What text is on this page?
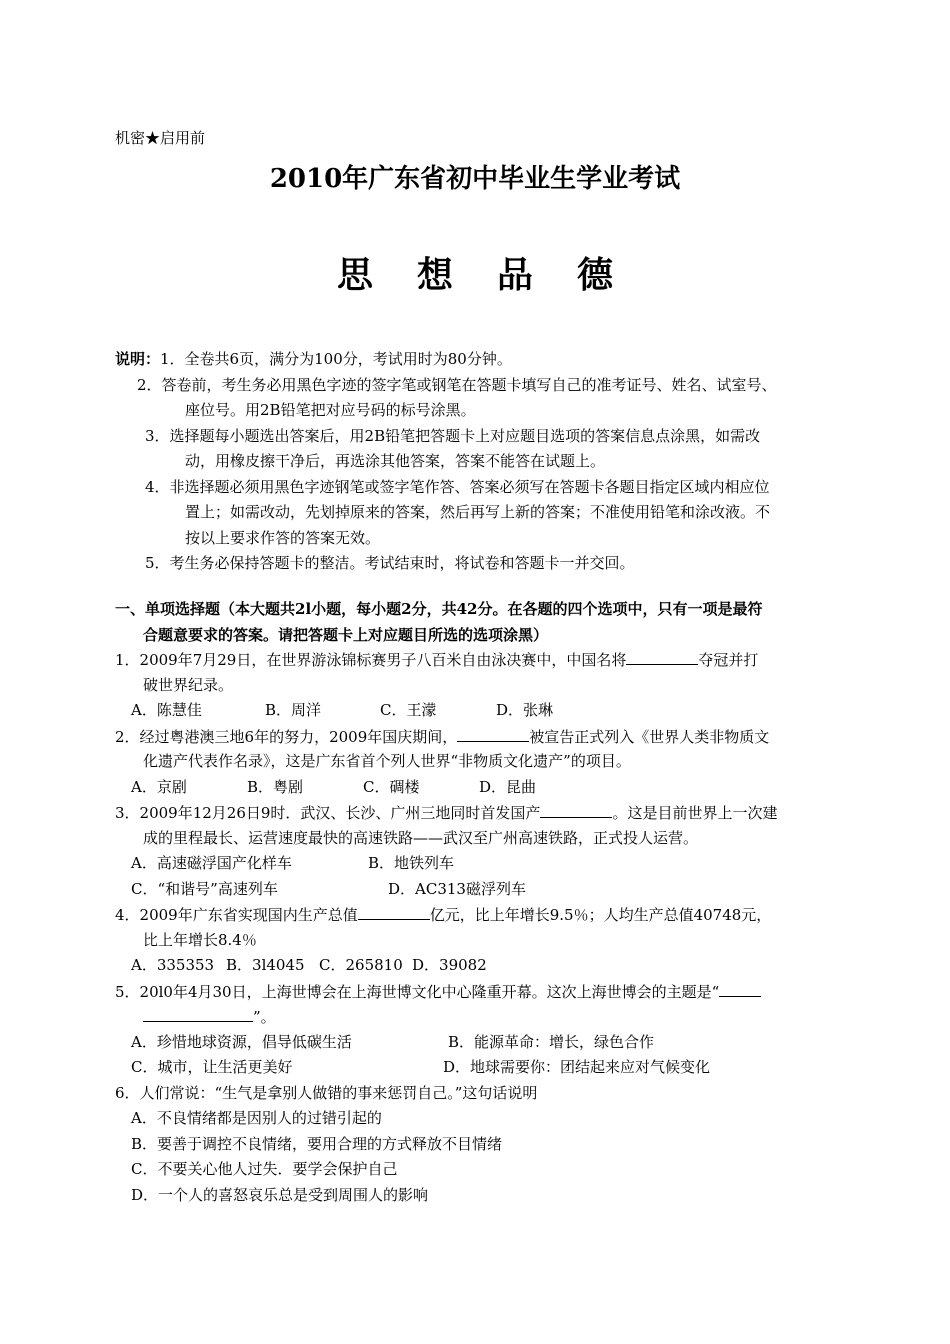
机密★启用前
2010年广东省初中毕业生学业考试
思 想 品 德
说明：1．全卷共6页，满分为100分，考试用时为80分钟。
2．答卷前，考生务必用黑色字迹的签字笔或钢笔在答题卡填写自己的准考证号、姓名、试室号、
座位号。用2B铅笔把对应号码的标号涂黑。
3．选择题每小题选出答案后，用2B铅笔把答题卡上对应题目选项的答案信息点涂黑，如需改
动，用橡皮擦干净后，再选涂其他答案，答案不能答在试题上。
4．非选择题必须用黑色字迹钢笔或签字笔作答、答案必须写在答题卡各题目指定区域内相应位
置上；如需改动，先划掉原来的答案，然后再写上新的答案；不准使用铅笔和涂改液。不
按以上要求作答的答案无效。
5．考生务必保持答题卡的整洁。考试结束时，将试卷和答题卡一并交回。
一、单项选择题（本大题共2l小题，每小题2分，共42分。在各题的四个选项中，只有一项是最符
合题意要求的答案。请把答题卡上对应题目所选的选项涂黑）
1．2009年7月29日，在世界游泳锦标赛男子八百米自由泳决赛中，中国名将	夺冠并打
破世界纪录。
A．陈慧佳	B．周洋	C．王濛	D．张琳
2．经过粤港澳三地6年的努力，2009年国庆期间，	被宣告正式列入《世界人类非物质文
化遗产代表作名录》，这是广东省首个列人世界“非物质文化遗产”的项目。
A．京剧	B．粤剧	C．碉楼	D．昆曲
3．2009年12月26日9时．武汉、长沙、广州三地同时首发国产	。这是目前世界上一次建
成的里程最长、运营速度最快的高速铁路——武汉至广州高速铁路，正式投人运营。
A．高速磁浮国产化样车	B．地铁列车
C．“和谐号”高速列车	D．AC313磁浮列车
4．2009年广东省实现国内生产总值	亿元，比上年增长9.5％；人均生产总值40748元，
比上年增长8.4％
A．335353 B．3l4045 C．265810 D．39082
5．20l0年4月30日，上海世博会在上海世博文化中心隆重开幕。这次上海世博会的主题是“
”。
A．珍惜地球资源，倡导低碳生活	B．能源革命：增长，绿色合作
C．城市，让生活更美好	D．地球需要你：团结起来应对气候变化
6．人们常说：“生气是拿别人做错的事来惩罚自己。”这句话说明
A．不良情绪都是因别人的过错引起的
B．要善于调控不良情绪，要用合理的方式释放不目情绪
C．不要关心他人过失．要学会保护自己
D．一个人的喜怒哀乐总是受到周围人的影响
